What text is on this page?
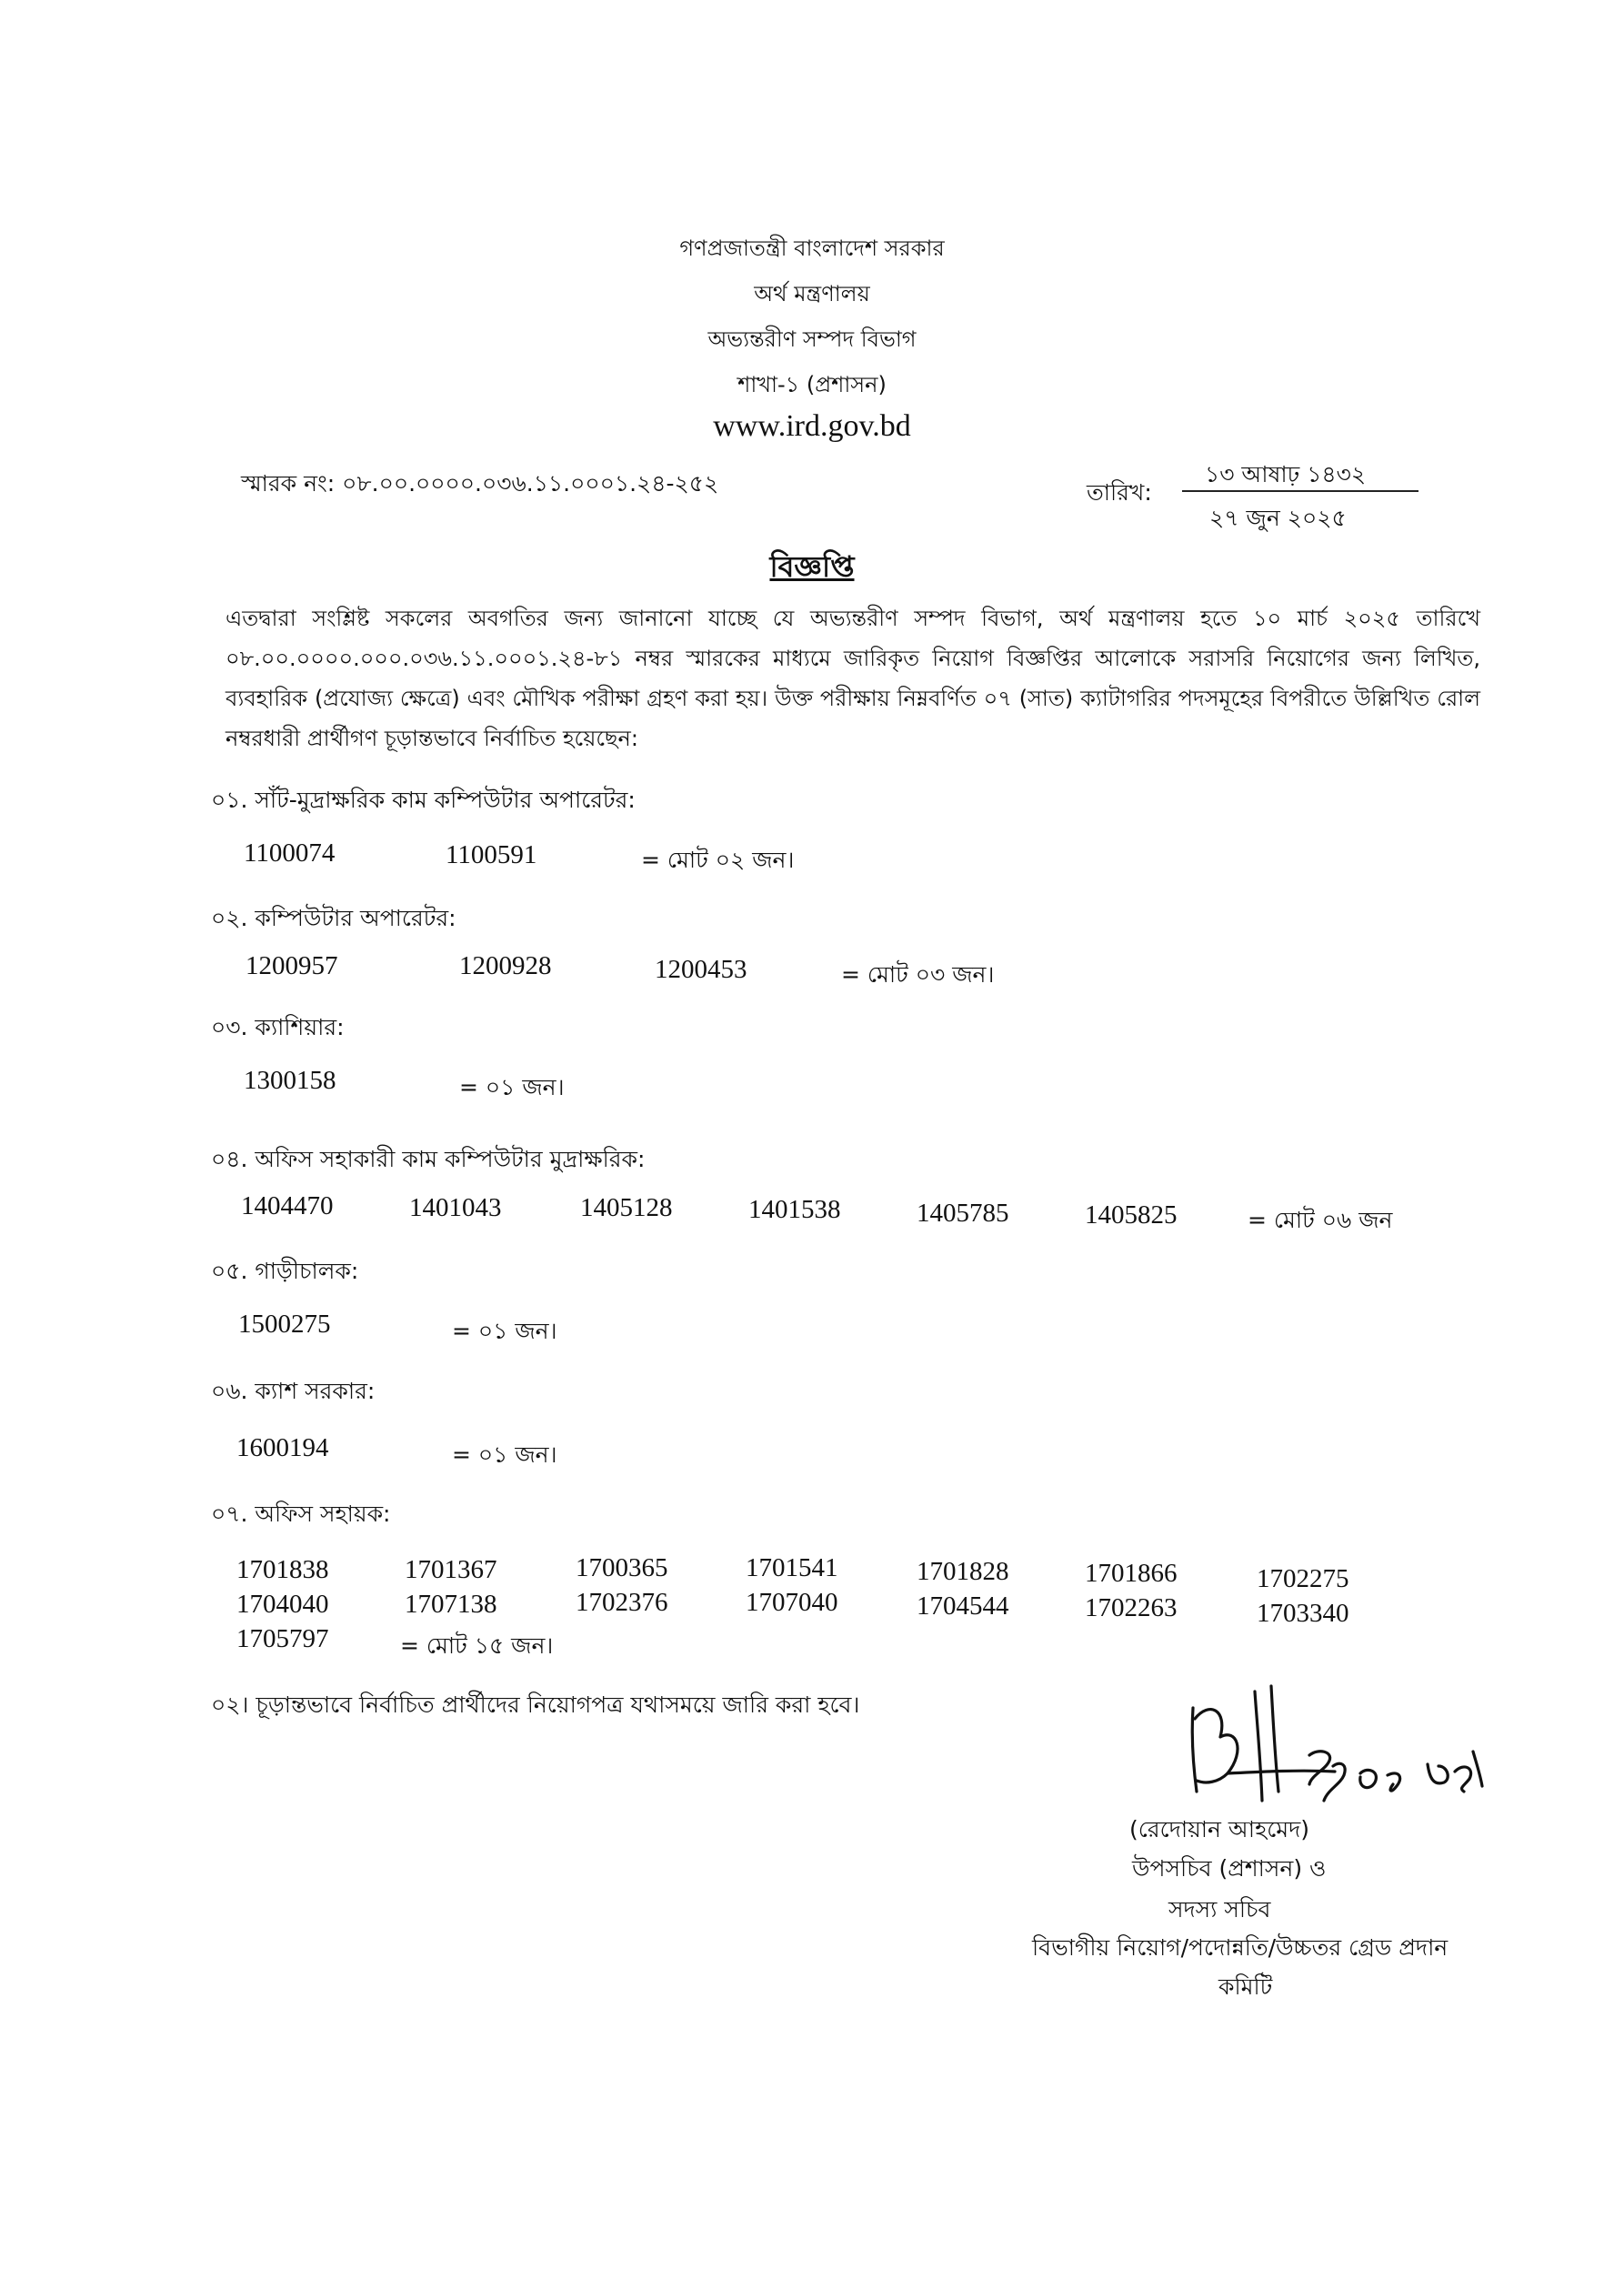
গণপ্রজাতন্ত্রী বাংলাদেশ সরকার
অর্থ মন্ত্রণালয়
অভ্যন্তরীণ সম্পদ বিভাগ
শাখা-১ (প্রশাসন)
www.ird.gov.bd
স্মারক নং: ০৮.০০.০০০০.০৩৬.১১.০০০১.২৪-২৫২	তারিখ:
১৩ আষাঢ় ১৪৩২
২৭ জুন ২০২৫
বিজ্ঞপ্তি
এতদ্বারা সংশ্লিষ্ট সকলের অবগতির জন্য জানানো যাচ্ছে যে অভ্যন্তরীণ সম্পদ বিভাগ, অর্থ মন্ত্রণালয় হতে ১০ মার্চ ২০২৫ তারিখে ০৮.০০.০০০০.০০০.০৩৬.১১.০০০১.২৪-৮১ নম্বর স্মারকের মাধ্যমে জারিকৃত নিয়োগ বিজ্ঞপ্তির আলোকে সরাসরি নিয়োগের জন্য লিখিত, ব্যবহারিক (প্রযোজ্য ক্ষেত্রে) এবং মৌখিক পরীক্ষা গ্রহণ করা হয়। উক্ত পরীক্ষায় নিম্নবর্ণিত ০৭ (সাত) ক্যাটাগরির পদসমূহের বিপরীতে উল্লিখিত রোল নম্বরধারী প্রার্থীগণ চূড়ান্তভাবে নির্বাচিত হয়েছেন:
০১. সাঁট-মুদ্রাক্ষরিক কাম কম্পিউটার অপারেটর:
০২. কম্পিউটার অপারেটর:
০৩. ক্যাশিয়ার:
০৪. অফিস সহাকারী কাম কম্পিউটার মুদ্রাক্ষরিক:
০৫. গাড়ীচালক:
০৬. ক্যাশ সরকার:
০৭. অফিস সহায়ক:
1100074	1100591	= মোট ০২ জন।
1200957	1200928	1200453	= মোট ০৩ জন।
1300158	= ০১ জন।
1404470	1401043	1405128	1401538	1405785	1405825	= মোট ০৬ জন
1500275	= ০১ জন।
1600194	= ০১ জন।
1701838	1701367	1700365	1701541	1701828	1701866	1702275
1704040	1707138	1702376	1707040	1704544	1702263	1703340
1705797	= মোট ১৫ জন।
০২। চূড়ান্তভাবে নির্বাচিত প্রার্থীদের নিয়োগপত্র যথাসময়ে জারি করা হবে।
(রেদোয়ান আহমেদ)
উপসচিব (প্রশাসন) ও
সদস্য সচিব
বিভাগীয় নিয়োগ/পদোন্নতি/উচ্চতর গ্রেড প্রদান
কমিটি
